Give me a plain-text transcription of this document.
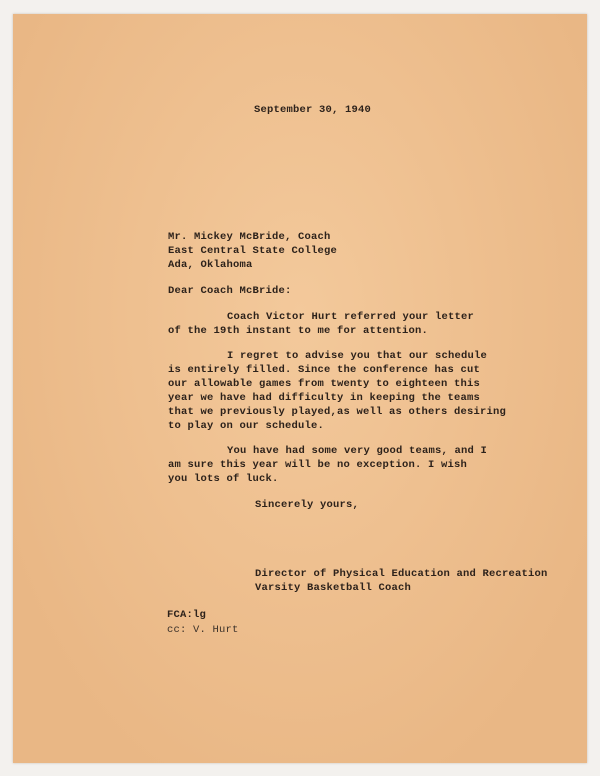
September 30, 1940

Mr. Mickey McBride, Coach

East Central State College

Ada, Oklahoma

Dear Coach McBride:

Coach Victor Hurt referred your letter

of the 19th instant to me for attention.

I regret to advise you that our schedule

is entirely filled. Since the conference has cut

our allowable games from twenty to eighteen this

year we have had difficulty in keeping the teams

that we previously played,as well as others desiring

to play on our schedule.

You have had some very good teams, and I

am sure this year will be no exception. I wish

you lots of luck.

Sincerely yours,

Director of Physical Education and Recreation

Varsity Basketball Coach

FCA:lg

cc: V. Hurt
